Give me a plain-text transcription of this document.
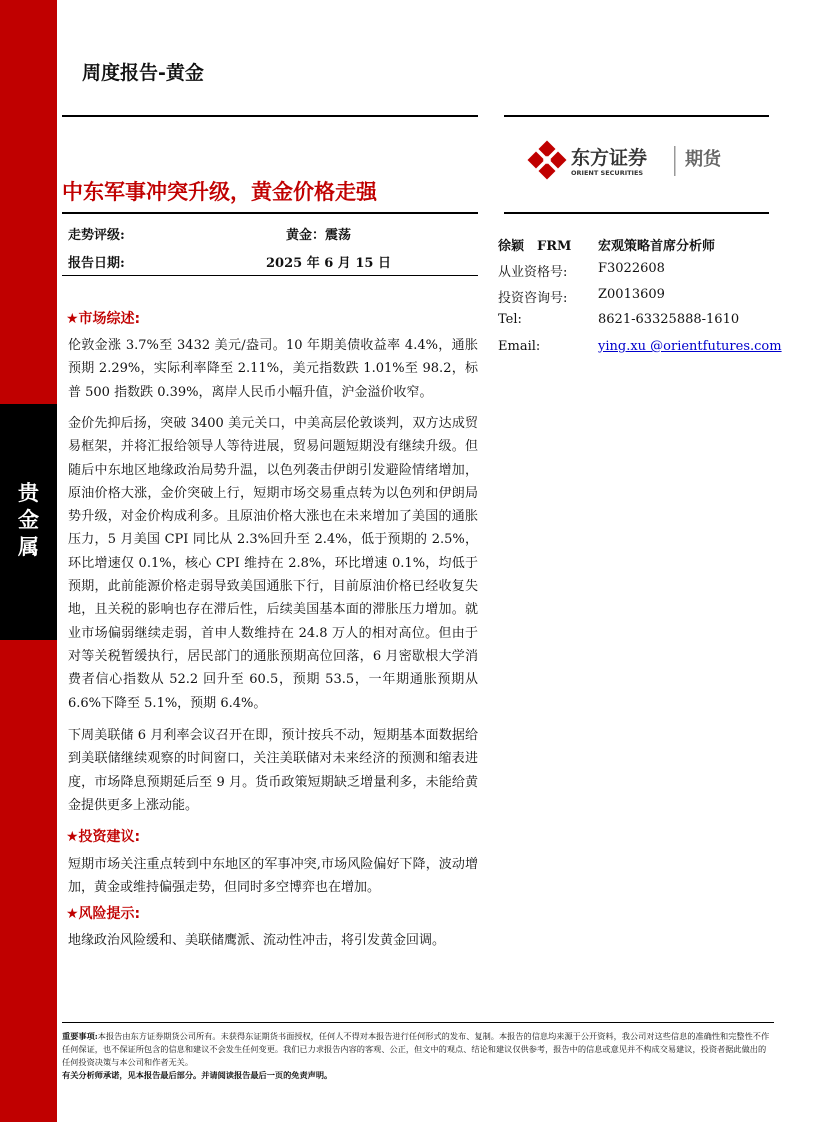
贵
金
属
周度报告-黄金
东方证券
ORIENT SECURITIES
期货
中东军事冲突升级，黄金价格走强
走势评级:	黄金：震荡
报告日期:	2025 年 6 月 15 日
徐颖　FRM 宏观策略首席分析师
从业资格号: F3022608
投资咨询号: Z0013609
Tel:	8621-63325888-1610
Email:	ying.xu @orientfutures.com
★市场综述:
伦敦金涨 3.7%至 3432 美元/盎司。10 年期美债收益率 4.4%，通胀预期 2.29%，实际利率降至 2.11%，美元指数跌 1.01%至 98.2，标普 500 指数跌 0.39%，离岸人民币小幅升值，沪金溢价收窄。
金价先抑后扬，突破 3400 美元关口，中美高层伦敦谈判，双方达成贸易框架，并将汇报给领导人等待进展，贸易问题短期没有继续升级。但随后中东地区地缘政治局势升温，以色列袭击伊朗引发避险情绪增加，原油价格大涨，金价突破上行，短期市场交易重点转为以色列和伊朗局势升级，对金价构成利多。且原油价格大涨也在未来增加了美国的通胀压力，5 月美国 CPI 同比从 2.3%回升至 2.4%，低于预期的 2.5%，环比增速仅 0.1%，核心 CPI 维持在 2.8%，环比增速 0.1%，均低于预期，此前能源价格走弱导致美国通胀下行，目前原油价格已经收复失地，且关税的影响也存在滞后性，后续美国基本面的滞胀压力增加。就业市场偏弱继续走弱，首申人数维持在 24.8 万人的相对高位。但由于对等关税暂缓执行，居民部门的通胀预期高位回落，6 月密歇根大学消费者信心指数从 52.2 回升至 60.5，预期 53.5，一年期通胀预期从 6.6%下降至 5.1%，预期 6.4%。
下周美联储 6 月利率会议召开在即，预计按兵不动，短期基本面数据给到美联储继续观察的时间窗口，关注美联储对未来经济的预测和缩表进度，市场降息预期延后至 9 月。货币政策短期缺乏增量利多，未能给黄金提供更多上涨动能。
★投资建议:
短期市场关注重点转到中东地区的军事冲突,市场风险偏好下降，波动增加，黄金或维持偏强走势，但同时多空博弈也在增加。
★风险提示:
地缘政治风险缓和、美联储鹰派、流动性冲击，将引发黄金回调。
重要事项:本报告由东方证券期货公司所有。未获得东证期货书面授权，任何人不得对本报告进行任何形式的发布、复制。本报告的信息均来源于公开资料，我公司对这些信息的准确性和完整性不作任何保证，也不保证所包含的信息和建议不会发生任何变更。我们已力求报告内容的客观、公正，但文中的观点、结论和建议仅供参考，报告中的信息或意见并不构成交易建议，投资者据此做出的任何投资决策与本公司和作者无关。
有关分析师承诺，见本报告最后部分。并请阅读报告最后一页的免责声明。
